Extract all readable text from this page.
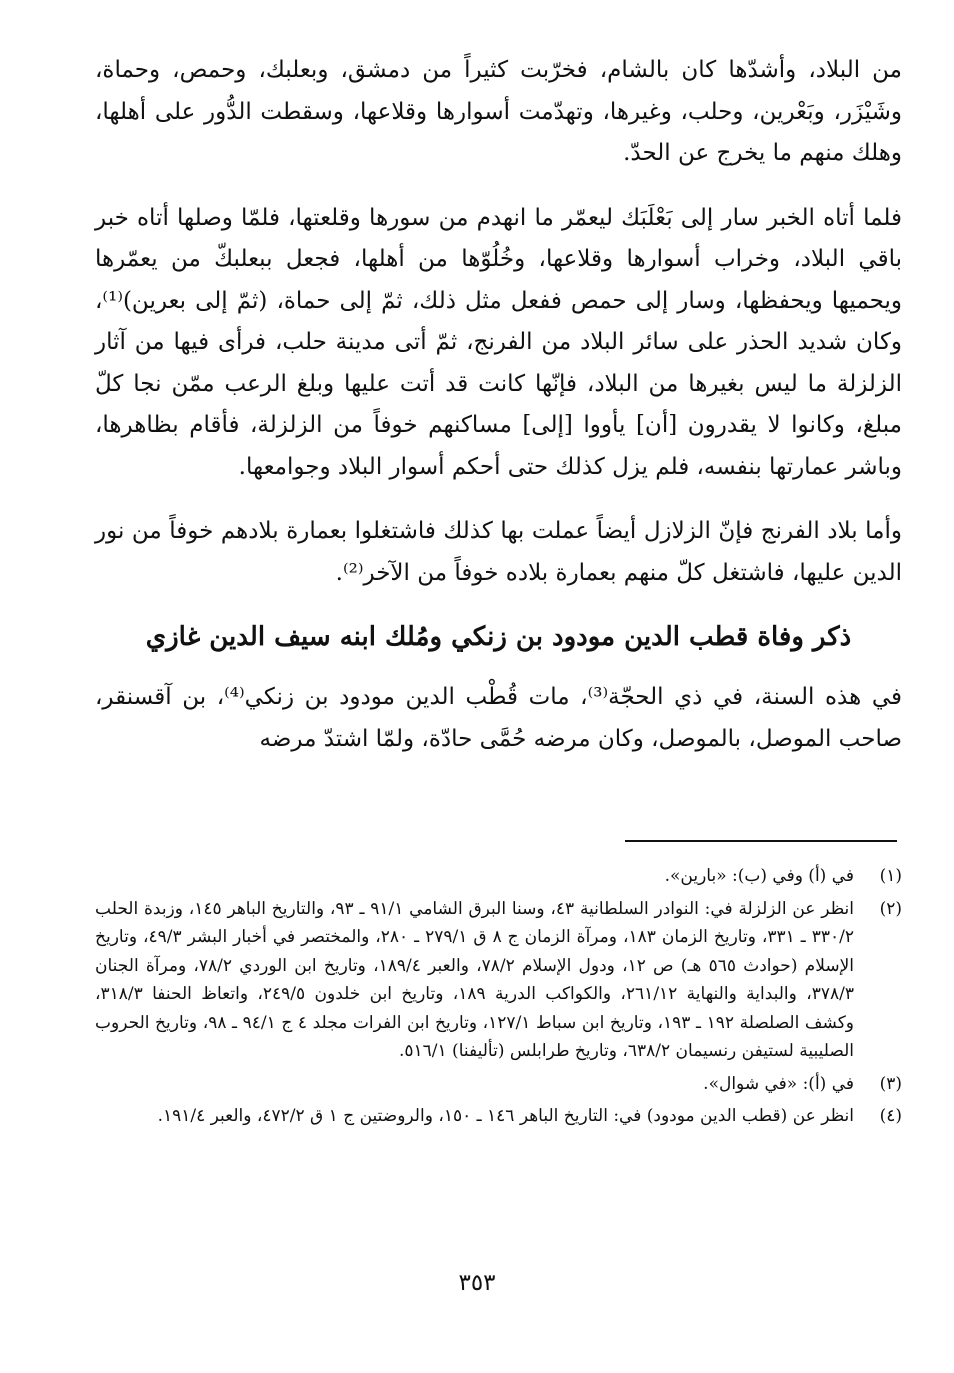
من البلاد، وأشدّها كان بالشام، فخرّبت كثيراً من دمشق، وبعلبك، وحمص، وحماة، وشَيْزَر، وبَعْرين، وحلب، وغيرها، وتهدّمت أسوارها وقلاعها، وسقطت الدُّور على أهلها، وهلك منهم ما يخرج عن الحدّ.

فلما أتاه الخبر سار إلى بَعْلَبَك ليعمّر ما انهدم من سورها وقلعتها، فلمّا وصلها أتاه خبر باقي البلاد، وخراب أسوارها وقلاعها، وخُلُوّها من أهلها، فجعل ببعلبكّ من يعمّرها ويحميها ويحفظها، وسار إلى حمص ففعل مثل ذلك، ثمّ إلى حماة، (ثمّ إلى بعرين)⁽¹⁾، وكان شديد الحذر على سائر البلاد من الفرنج، ثمّ أتى مدينة حلب، فرأى فيها من آثار الزلزلة ما ليس بغيرها من البلاد، فإنّها كانت قد أتت عليها وبلغ الرعب ممّن نجا كلّ مبلغ، وكانوا لا يقدرون [أن] يأووا [إلى] مساكنهم خوفاً من الزلزلة، فأقام بظاهرها، وباشر عمارتها بنفسه، فلم يزل كذلك حتى أحكم أسوار البلاد وجوامعها.

وأما بلاد الفرنج فإنّ الزلازل أيضاً عملت بها كذلك فاشتغلوا بعمارة بلادهم خوفاً من نور الدين عليها، فاشتغل كلّ منهم بعمارة بلاده خوفاً من الآخر⁽²⁾.

ذكر وفاة قطب الدين مودود بن زنكي ومُلك ابنه سيف الدين غازي

في هذه السنة، في ذي الحجّة⁽³⁾، مات قُطْب الدين مودود بن زنكي⁽⁴⁾، بن آقسنقر، صاحب الموصل، بالموصل، وكان مرضه حُمَّى حادّة، ولمّا اشتدّ مرضه

(١)
في (أ) وفي (ب): «بارين».
(٢)
انظر عن الزلزلة في: النوادر السلطانية ٤٣، وسنا البرق الشامي ٩١/١ ـ ٩٣، والتاريخ الباهر ١٤٥، وزبدة الحلب ٣٣٠/٢ ـ ٣٣١، وتاريخ الزمان ١٨٣، ومرآة الزمان ج ٨ ق ٢٧٩/١ ـ ٢٨٠، والمختصر في أخبار البشر ٤٩/٣، وتاريخ الإسلام (حوادث ٥٦٥ هـ) ص ١٢، ودول الإسلام ٧٨/٢، والعبر ١٨٩/٤، وتاريخ ابن الوردي ٧٨/٢، ومرآة الجنان ٣٧٨/٣، والبداية والنهاية ٢٦١/١٢، والكواكب الدرية ١٨٩، وتاريخ ابن خلدون ٢٤٩/٥، واتعاظ الحنفا ٣١٨/٣، وكشف الصلصلة ١٩٢ ـ ١٩٣، وتاريخ ابن سباط ١٢٧/١، وتاريخ ابن الفرات مجلد ٤ ج ٩٤/١ ـ ٩٨، وتاريخ الحروب الصليبية لستيفن رنسيمان ٦٣٨/٢، وتاريخ طرابلس (تأليفنا) ٥١٦/١.
(٣)
في (أ): «في شوال».
(٤)
انظر عن (قطب الدين مودود) في: التاريخ الباهر ١٤٦ ـ ١٥٠، والروضتين ج ١ ق ٤٧٢/٢، والعبر ١٩١/٤.
٣٥٣
